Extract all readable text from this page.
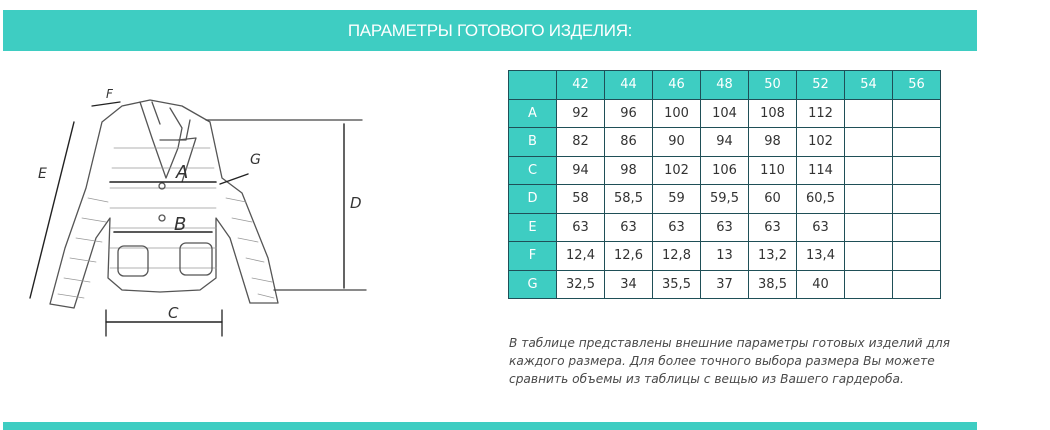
ПАРАМЕТРЫ ГОТОВОГО ИЗДЕЛИЯ:
A
B
C
D
E
F
G
	42	44	46	48	50	52	54	56
A	92	96	100	104	108	112		
B	82	86	90	94	98	102		
C	94	98	102	106	110	114		
D	58	58,5	59	59,5	60	60,5		
E	63	63	63	63	63	63		
F	12,4	12,6	12,8	13	13,2	13,4		
G	32,5	34	35,5	37	38,5	40		

В таблице представлены внешние параметры готовых изделий для каждого размера. Для более точного выбора размера Вы можете сравнить объемы из таблицы с вещью из Вашего гардероба.
